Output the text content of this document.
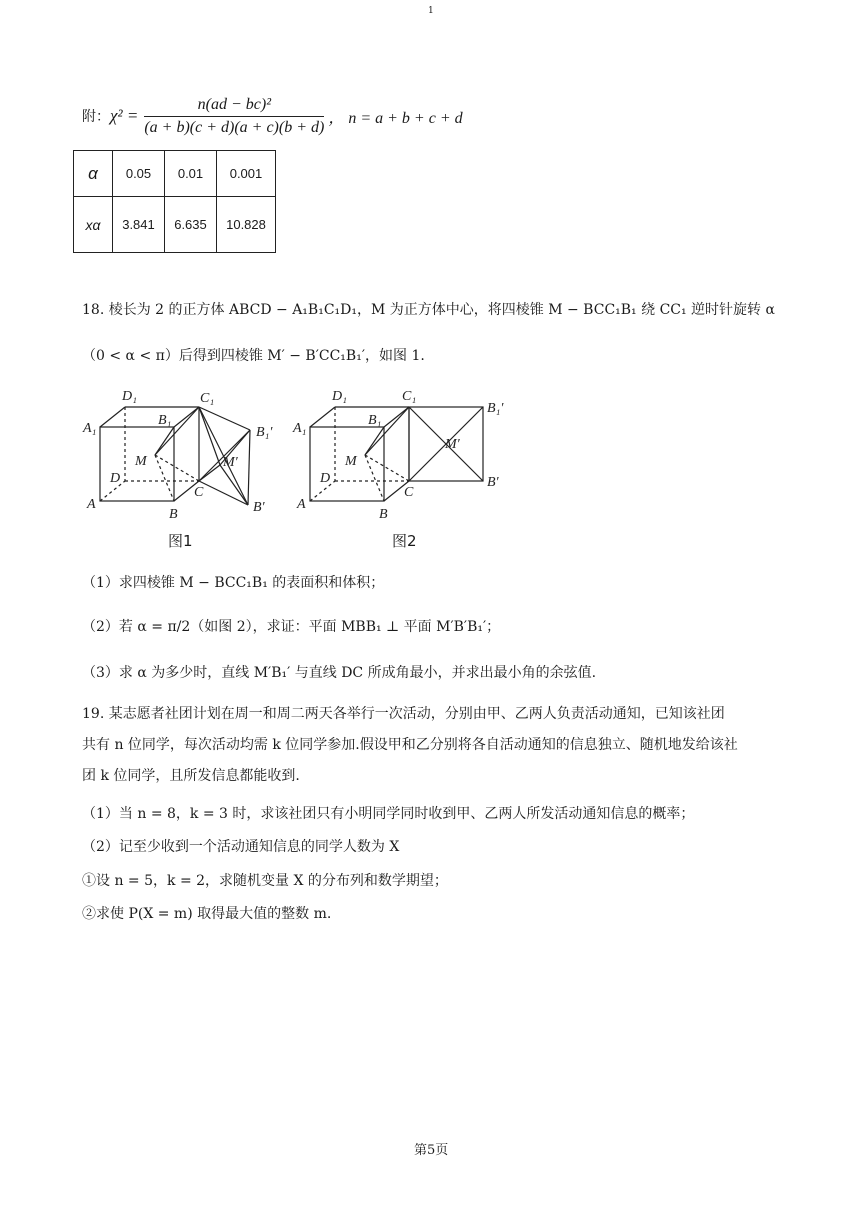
1
附： $\chi^2 = \frac{\text{n(ad − bc)²}}{(a + b)(c + d)(a + c)(b + d)}$ ， n = a + b + c + d
α	0.05	0.01	0.001
xα	3.841	6.635	10.828
18. 棱长为 2 的正方体 ABCD − A₁B₁C₁D₁，M 为正方体中心，将四棱锥 M − BCC₁B₁ 绕 CC₁ 逆时针旋转 α
（0 < α < π）后得到四棱锥 M′ − B′CC₁B₁′，如图 1.
D₁	C₁
A₁
B₁
M
D
C
A
B
B₁′
M′
B′
图1
D₁	C₁
A₁
B₁
M
D
C
A
B
B₁′
M′
B′
图2
（1）求四棱锥 M − BCC₁B₁ 的表面积和体积；
（2）若 α = π/2（如图 2），求证：平面 MBB₁ ⊥ 平面 M′B′B₁′；
（3）求 α 为多少时，直线 M′B₁′ 与直线 DC 所成角最小，并求出最小角的余弦值.
19. 某志愿者社团计划在周一和周二两天各举行一次活动，分别由甲、乙两人负责活动通知，已知该社团
共有 n 位同学，每次活动均需 k 位同学参加.假设甲和乙分别将各自活动通知的信息独立、随机地发给该社
团 k 位同学，且所发信息都能收到.
（1）当 n = 8，k = 3 时，求该社团只有小明同学同时收到甲、乙两人所发活动通知信息的概率；
（2）记至少收到一个活动通知信息的同学人数为 X
①设 n = 5，k = 2，求随机变量 X 的分布列和数学期望；
②求使 P(X = m) 取得最大值的整数 m.
第5页
